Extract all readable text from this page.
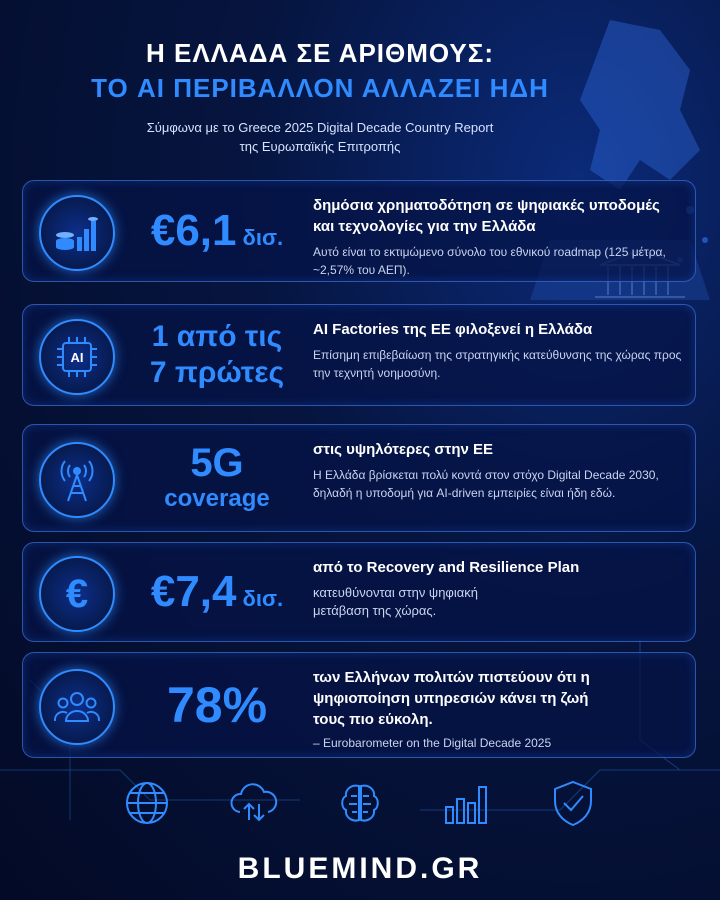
Η ΕΛΛΑΔΑ ΣΕ ΑΡΙΘΜΟΥΣ:
ΤΟ AI ΠΕΡΙΒΑΛΛΟΝ ΑΛΛΑΖΕΙ ΗΔΗ
Σύμφωνα με το Greece 2025 Digital Decade Country Report
της Ευρωπαϊκής Επιτροπής
€6,1 δισ.
δημόσια χρηματοδότηση σε ψηφιακές υποδομές και τεχνολογίες για την Ελλάδα
Αυτό είναι το εκτιμώμενο σύνολο του εθνικού roadmap (125 μέτρα, ~2,57% του ΑΕΠ).
AI
1 από τις
7 πρώτες
AI Factories της ΕΕ φιλοξενεί η Ελλάδα
Επίσημη επιβεβαίωση της στρατηγικής κατεύθυνσης της χώρας προς την τεχνητή νοημοσύνη.
5G
coverage
στις υψηλότερες στην ΕΕ
Η Ελλάδα βρίσκεται πολύ κοντά στον στόχο Digital Decade 2030, δηλαδή η υποδομή για AI-driven εμπειρίες είναι ήδη εδώ.
€ €7,4 δισ.
από το Recovery and Resilience Plan
κατευθύνονται στην ψηφιακή μετάβαση της χώρας.
78%	των Ελλήνων πολιτών πιστεύουν ότι η ψηφιοποίηση υπηρεσιών κάνει τη ζωή τους πιο εύκολη.
– Eurobarometer on the Digital Decade 2025
BLUEMIND.GR
